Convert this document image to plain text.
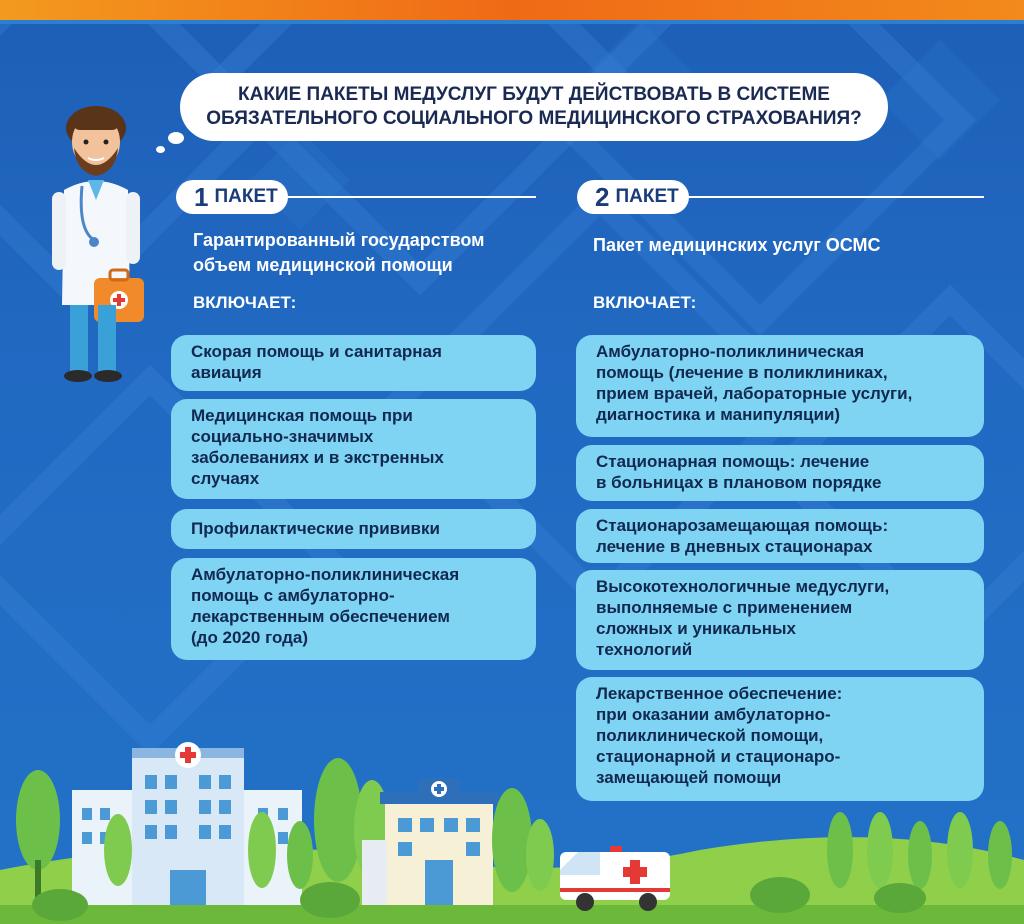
КАКИЕ ПАКЕТЫ МЕДУСЛУГ БУДУТ ДЕЙСТВОВАТЬ В СИСТЕМЕ
ОБЯЗАТЕЛЬНОГО СОЦИАЛЬНОГО МЕДИЦИНСКОГО СТРАХОВАНИЯ?
1 ПАКЕТ
Гарантированный государством
объем медицинской помощи
ВКЛЮЧАЕТ:
Скорая помощь и санитарная
авиация
Медицинская помощь при
социально-значимых
заболеваниях и в экстренных
случаях
Профилактические прививки
Амбулаторно-поликлиническая
помощь с амбулаторно-
лекарственным обеспечением
(до 2020 года)
2 ПАКЕТ
Пакет медицинских услуг ОСМС
ВКЛЮЧАЕТ:
Амбулаторно-поликлиническая
помощь (лечение в поликлиниках,
прием врачей, лабораторные услуги,
диагностика и манипуляции)
Стационарная помощь: лечение
в больницах в плановом порядке
Стационарозамещающая помощь:
лечение в дневных стационарах
Высокотехнологичные медуслуги,
выполняемые с применением
сложных и уникальных
технологий
Лекарственное обеспечение:
при оказании амбулаторно-
поликлинической помощи,
стационарной и стационаро-
замещающей помощи
